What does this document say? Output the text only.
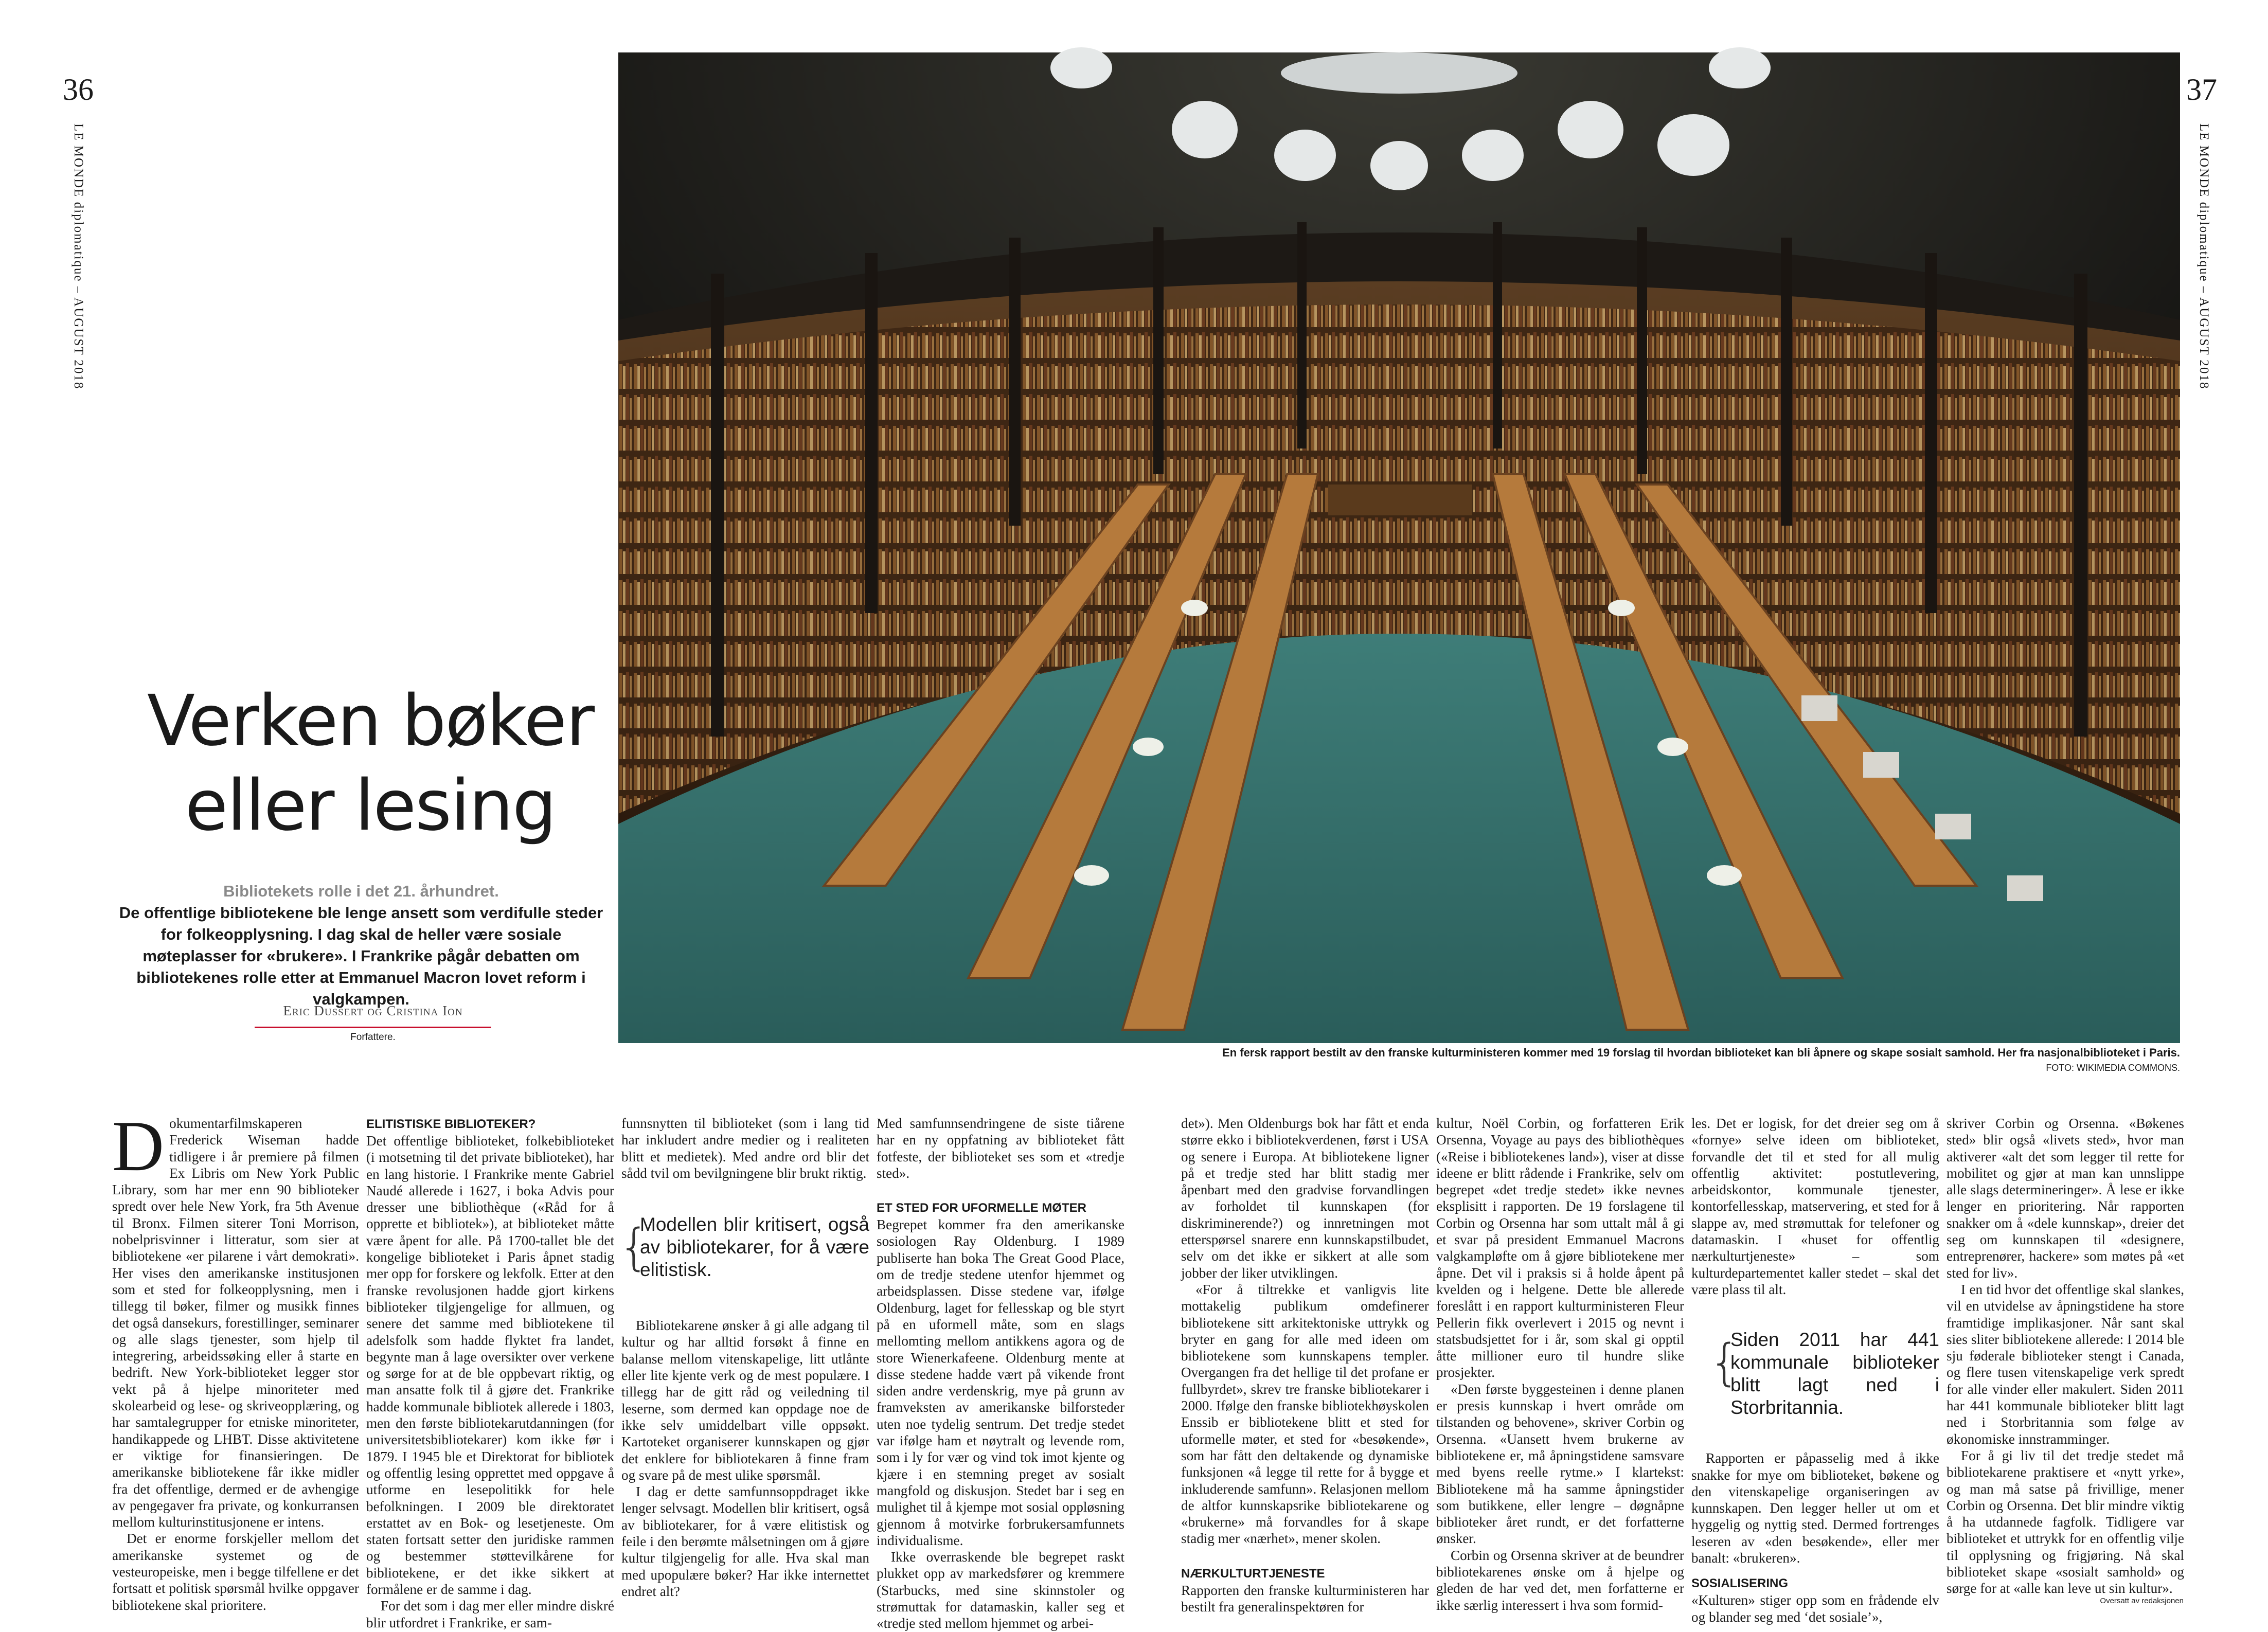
36	37
LE MONDE diplomatique – AUGUST 2018	LE MONDE diplomatique – AUGUST 2018
En fersk rapport bestilt av den franske kulturministeren kommer med 19 forslag til hvordan biblioteket kan bli åpnere og skape sosialt samhold. Her fra nasjonalbiblioteket i Paris.
FOTO: WIKIMEDIA COMMONS.
Verken bøker eller lesing
Bibliotekets rolle i det 21. århundret.
De offentlige bibliotekene ble lenge ansett som verdifulle steder for folkeopplysning. I dag skal de heller være sosiale møteplasser for «brukere». I Frankrike pågår debatten om bibliotekenes rolle etter at Emmanuel Macron lovet reform i valgkampen.
Eric Dussert og Cristina Ion
Forfattere.

Dokumentarfilmskaperen Frederick Wiseman hadde tidligere i år premiere på filmen Ex Libris om New York Public Library, som har mer enn 90 biblioteker spredt over hele New York, fra 5th Avenue til Bronx. Filmen siterer Toni Morrison, nobelprisvinner i litteratur, som sier at bibliotekene «er pilarene i vårt demokrati». Her vises den amerikanske institusjonen som et sted for folkeopplysning, men i tillegg til bøker, filmer og musikk finnes det også dansekurs, forestillinger, seminarer og alle slags tjenester, som hjelp til integrering, arbeidssøking eller å starte en bedrift. New York-biblioteket legger stor vekt på å hjelpe minoriteter med skolearbeid og lese- og skriveopplæring, og har samtalegrupper for etniske minoriteter, handikappede og LHBT. Disse aktivitetene er viktige for finansieringen. De amerikanske bibliotekene får ikke midler fra det offentlige, dermed er de avhengige av pengegaver fra private, og konkurransen mellom kulturinstitusjonene er intens.

Det er enorme forskjeller mellom det amerikanske systemet og de vesteuropeiske, men i begge tilfellene er det fortsatt et politisk spørsmål hvilke oppgaver bibliotekene skal prioritere.

ELITISTISKE BIBLIOTEKER?

Det offentlige biblioteket, folkebiblioteket (i motsetning til det private biblioteket), har en lang historie. I Frankrike mente Gabriel Naudé allerede i 1627, i boka Advis pour dresser une bibliothèque («Råd for å opprette et bibliotek»), at biblioteket måtte være åpent for alle. På 1700-tallet ble det kongelige biblioteket i Paris åpnet stadig mer opp for forskere og lekfolk. Etter at den franske revolusjonen hadde gjort kirkens biblioteker tilgjengelige for allmuen, og senere det samme med bibliotekene til adelsfolk som hadde flyktet fra landet, begynte man å lage oversikter over verkene og sørge for at de ble oppbevart riktig, og man ansatte folk til å gjøre det. Frankrike hadde kommunale bibliotek allerede i 1803, men den første bibliotekarutdanningen (for universitetsbibliotekarer) kom ikke før i 1879. I 1945 ble et Direktorat for bibliotek og offentlig lesing opprettet med oppgave å utforme en lesepolitikk for hele befolkningen. I 2009 ble direktoratet erstattet av en Bok- og lesetjeneste. Om staten fortsatt setter den juridiske rammen og bestemmer støttevilkårene for bibliotekene, er det ikke sikkert at formålene er de samme i dag.

For det som i dag mer eller mindre diskré blir utfordret i Frankrike, er sam-

funnsnytten til biblioteket (som i lang tid har inkludert andre medier og i realiteten blitt et medietek). Med andre ord blir det sådd tvil om bevilgningene blir brukt riktig.

{
Modellen blir kritisert, også av bibliotekarer, for å være elitistisk.

Bibliotekarene ønsker å gi alle adgang til kultur og har alltid forsøkt å finne en balanse mellom vitenskapelige, litt utlånte eller lite kjente verk og de mest populære. I tillegg har de gitt råd og veiledning til leserne, som dermed kan oppdage noe de ikke selv umiddelbart ville oppsøkt. Kartoteket organiserer kunnskapen og gjør det enklere for bibliotekaren å finne fram og svare på de mest ulike spørsmål.

I dag er dette samfunnsoppdraget ikke lenger selvsagt. Modellen blir kritisert, også av bibliotekarer, for å være elitistisk og feile i den berømte målsetningen om å gjøre kultur tilgjengelig for alle. Hva skal man med upopulære bøker? Har ikke internettet endret alt?

Med samfunnsendringene de siste tiårene har en ny oppfatning av biblioteket fått fotfeste, der biblioteket ses som et «tredje sted».

ET STED FOR UFORMELLE MØTER

Begrepet kommer fra den amerikanske sosiologen Ray Oldenburg. I 1989 publiserte han boka The Great Good Place, om de tredje stedene utenfor hjemmet og arbeidsplassen. Disse stedene var, ifølge Oldenburg, laget for fellesskap og ble styrt på en uformell måte, som en slags mellomting mellom antikkens agora og de store Wienerkafeene. Oldenburg mente at disse stedene hadde vært på vikende front siden andre verdenskrig, mye på grunn av framveksten av amerikanske bilforsteder uten noe tydelig sentrum. Det tredje stedet var ifølge ham et nøytralt og levende rom, som i ly for vær og vind tok imot kjente og kjære i en stemning preget av sosialt mangfold og diskusjon. Stedet bar i seg en mulighet til å kjempe mot sosial oppløsning gjennom å motvirke forbrukersamfunnets individualisme.

Ikke overraskende ble begrepet raskt plukket opp av markedsfører og kremmere (Starbucks, med sine skinnstoler og strømuttak for datamaskin, kaller seg et «tredje sted mellom hjemmet og arbei-

det»). Men Oldenburgs bok har fått et enda større ekko i bibliotekverdenen, først i USA og senere i Europa. At bibliotekene ligner på et tredje sted har blitt stadig mer åpenbart med den gradvise forvandlingen av forholdet til kunnskapen (for diskriminerende?) og innretningen mot etterspørsel snarere enn kunnskapstilbudet, selv om det ikke er sikkert at alle som jobber der liker utviklingen.

«For å tiltrekke et vanligvis lite mottakelig publikum omdefinerer bibliotekene sitt arkitektoniske uttrykk og bryter en gang for alle med ideen om bibliotekene som kunnskapens templer. Overgangen fra det hellige til det profane er fullbyrdet», skrev tre franske bibliotekarer i 2000. Ifølge den franske bibliotekhøyskolen Enssib er bibliotekene blitt et sted for uformelle møter, et sted for «besøkende», som har fått den deltakende og dynamiske funksjonen «å legge til rette for å bygge et inkluderende samfunn». Relasjonen mellom de altfor kunnskapsrike bibliotekarene og «brukerne» må forvandles for å skape stadig mer «nærhet», mener skolen.

NÆRKULTURTJENESTE

Rapporten den franske kulturministeren har bestilt fra generalinspektøren for

kultur, Noël Corbin, og forfatteren Erik Orsenna, Voyage au pays des bibliothèques («Reise i bibliotekenes land»), viser at disse ideene er blitt rådende i Frankrike, selv om begrepet «det tredje stedet» ikke nevnes eksplisitt i rapporten. De 19 forslagene til Corbin og Orsenna har som uttalt mål å gi et svar på president Emmanuel Macrons valgkampløfte om å gjøre bibliotekene mer åpne. Det vil i praksis si å holde åpent på kvelden og i helgene. Dette ble allerede foreslått i en rapport kulturministeren Fleur Pellerin fikk overlevert i 2015 og nevnt i statsbudsjettet for i år, som skal gi opptil åtte millioner euro til hundre slike prosjekter.

«Den første byggesteinen i denne planen er presis kunnskap i hvert område om tilstanden og behovene», skriver Corbin og Orsenna. «Uansett hvem brukerne av bibliotekene er, må åpningstidene samsvare med byens reelle rytme.» I klartekst: Bibliotekene må ha samme åpningstider som butikkene, eller lengre – døgnåpne biblioteker året rundt, er det forfatterne ønsker.

Corbin og Orsenna skriver at de beundrer bibliotekarenes ønske om å hjelpe og gleden de har ved det, men forfatterne er ikke særlig interessert i hva som formid-

les. Det er logisk, for det dreier seg om å «fornye» selve ideen om biblioteket, forvandle det til et sted for all mulig offentlig aktivitet: postutlevering, arbeidskontor, kommunale tjenester, kontorfellesskap, matservering, et sted for å slappe av, med strømuttak for telefoner og datamaskin. I «huset for offentlig nærkulturtjeneste» – som kulturdepartementet kaller stedet – skal det være plass til alt.

{
Siden 2011 har 441 kommunale biblioteker blitt lagt ned i Storbritannia.

Rapporten er påpasselig med å ikke snakke for mye om biblioteket, bøkene og den vitenskapelige organiseringen av kunnskapen. Den legger heller ut om et hyggelig og nyttig sted. Dermed fortrenges leseren av «den besøkende», eller mer banalt: «brukeren».

SOSIALISERING

«Kulturen» stiger opp som en frådende elv og blander seg med ‘det sosiale’»,

skriver Corbin og Orsenna. «Bøkenes sted» blir også «livets sted», hvor man aktiverer «alt det som legger til rette for mobilitet og gjør at man kan unnslippe alle slags determineringer». Å lese er ikke lenger en prioritering. Når rapporten snakker om å «dele kunnskap», dreier det seg om kunnskapen til «designere, entreprenører, hackere» som møtes på «et sted for liv».

I en tid hvor det offentlige skal slankes, vil en utvidelse av åpningstidene ha store framtidige implikasjoner. Når sant skal sies sliter bibliotekene allerede: I 2014 ble sju føderale biblioteker stengt i Canada, og flere tusen vitenskapelige verk spredt for alle vinder eller makulert. Siden 2011 har 441 kommunale biblioteker blitt lagt ned i Storbritannia som følge av økonomiske innstramminger.

For å gi liv til det tredje stedet må bibliotekarene praktisere et «nytt yrke», og man må satse på frivillige, mener Corbin og Orsenna. Det blir mindre viktig å ha utdannede fagfolk. Tidligere var biblioteket et uttrykk for en offentlig vilje til opplysning og frigjøring. Nå skal biblioteket skape «sosialt samhold» og sørge for at «alle kan leve ut sin kultur».

Oversatt av redaksjonen
